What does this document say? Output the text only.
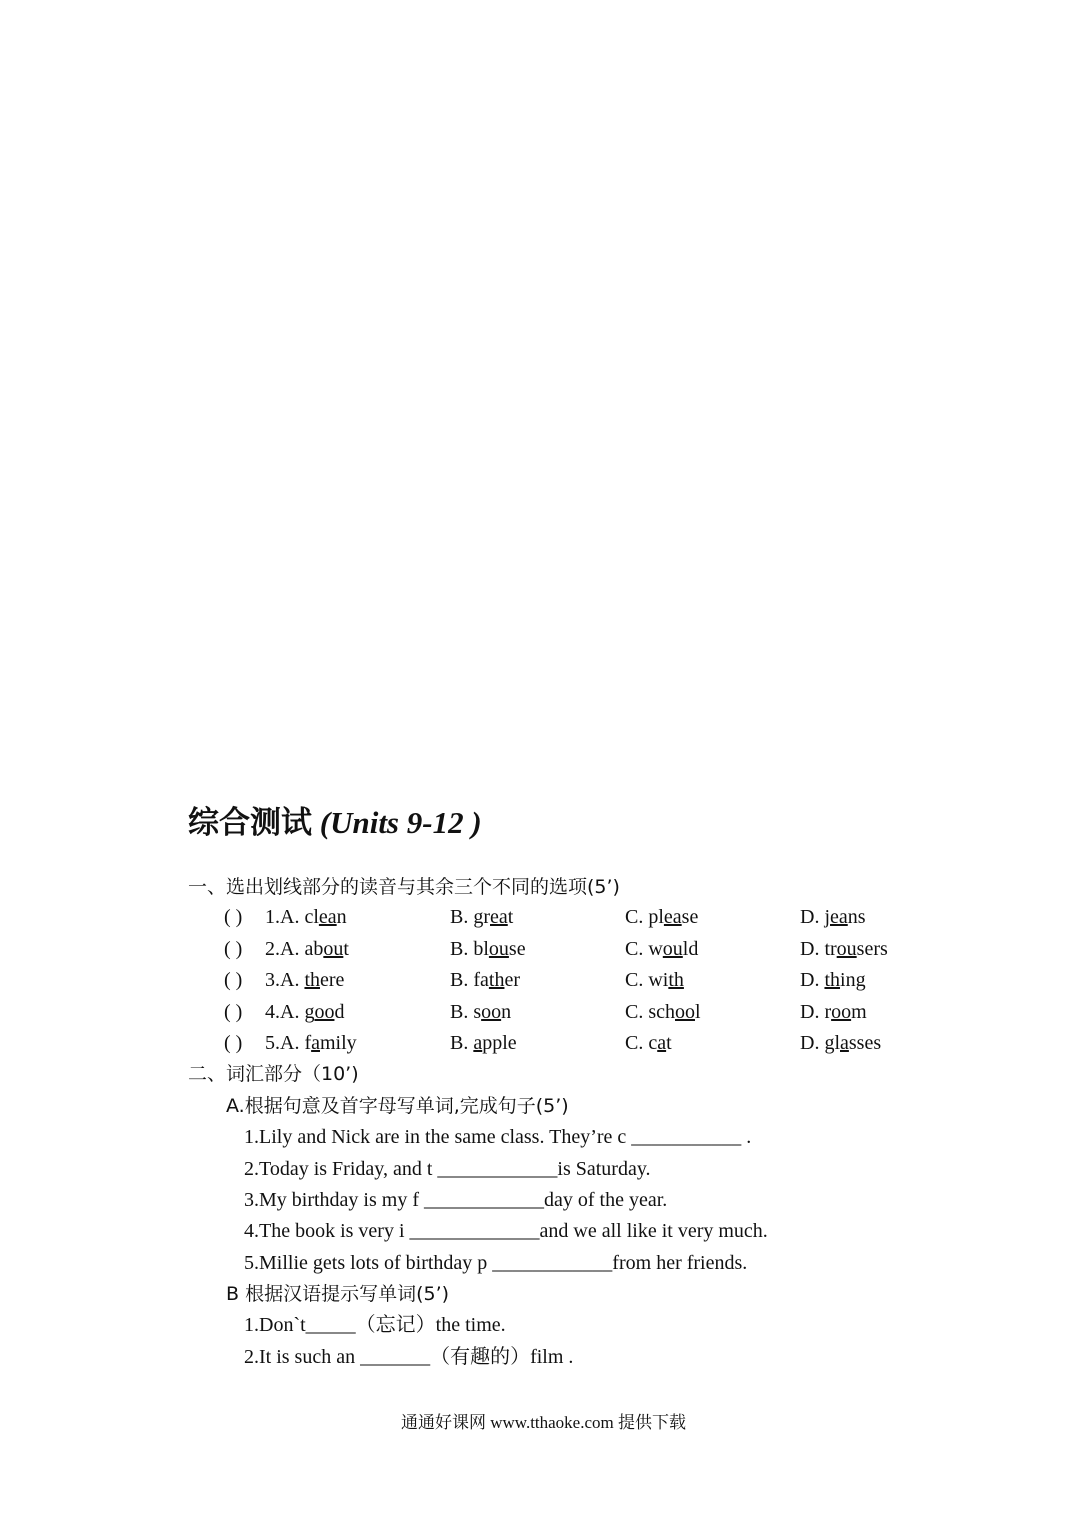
综合测试 (Units 9-12 )
一、选出划线部分的读音与其余三个不同的选项(5’)
( ) 1.A. clean	B. great	C. please	D. jeans
( ) 2.A. about	B. blouse	C. would	D. trousers
( ) 3.A. there	B. father	C. with	D. thing
( ) 4.A. good	B. soon	C. school	D. room
( ) 5.A. family	B. apple	C. cat	D. glasses
二、词汇部分（10’)
A.根据句意及首字母写单词,完成句子(5’)
1.Lily and Nick are in the same class. They’re c ___________ .
2.Today is Friday, and t ____________is Saturday.
3.My birthday is my f ____________day of the year.
4.The book is very i _____________and we all like it very much.
5.Millie gets lots of birthday p ____________from her friends.
B 根据汉语提示写单词(5’)
1.Don`t_____（忘记）the time.
2.It is such an _______（有趣的）film .
通通好课网 www.tthaoke.com 提供下载
